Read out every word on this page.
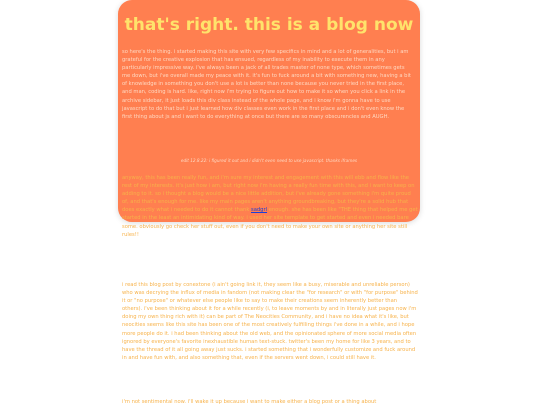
that's right. this is a blog now
so here's the thing. i started making this site with very few specifics in mind and a lot of generalities, but i am grateful for the creative explosion that has ensued, regardless of my inability to execute them in any particularly impressive way. i've always been a jack of all trades master of none type, which sometimes gets me down, but i've overall made my peace with it. it's fun to fuck around a bit with something new, having a bit of knowledge in something you don't use a lot is better than none because you never tried in the first place, and man, coding is hard. like, right now i'm trying to figure out how to make it so when you click a link in the archive sidebar, it just loads this div class instead of the whole page, and i know i'm gonna have to use javascript to do that but i just learned how div classes even work in the first place and i don't even know the first thing about js and i want to do everything at once but there are so many obscurencies and AUGH.
edit 12.8.22: i figured it out and i didn't even need to use javascript. thanks iframes
anyway, this has been really fun, and i'm sure my interest and engagement with this will ebb and flow like the rest of my interests. it's just how i am, but right now i'm having a really fun time with this, and i want to keep on adding to it. so i thought a blog would be a nice little addition, but i've already gone something i'm quite proud of, and that's enough for me. like my main pages aren't anything groundbreaking, but they're a solid hub that does exactly what i needed to do it cannot thank sadgrl enough. she has been like "THE thing that helped me get started in the least an intimidating kind of way. i used her site template to get started and even i needed bare some. obviously go check her stuff out, even if you don't need to make your own site or anything her site still rules!!
i read this blog post by conextone (i ain't going link it, they seem like a busy, miserable and unreliable person) who was decrying the influx of media in fandom (not making clear the "for research" or with "for purpose" behind it or "no purpose" or whatever else people like to say to make their creations seem inherently better than others). i've been thinking about it for a while recently (i, to leave moments by and in literally just pages now i'm doing my own thing rich with it) can be part of The Neocities Community, and i have no idea what it's like, but neocities seems like this site has been one of the most creatively fulfilling things i've done in a while, and i hope more people do it. i had been thinking about the old web, and the opinionated sphere of more social media often ignored by everyone's favorite inexhaustible human text-stuck. twitter's been my home for like 3 years, and to have the thread of it all going away just sucks. i started something that i wonderfully customize and fuck around in and have fun with, and also something that, even if the servers went down, i could still have it.
i'm not sentimental now. i'll wake it up because i want to make either a blog post or a thing about
